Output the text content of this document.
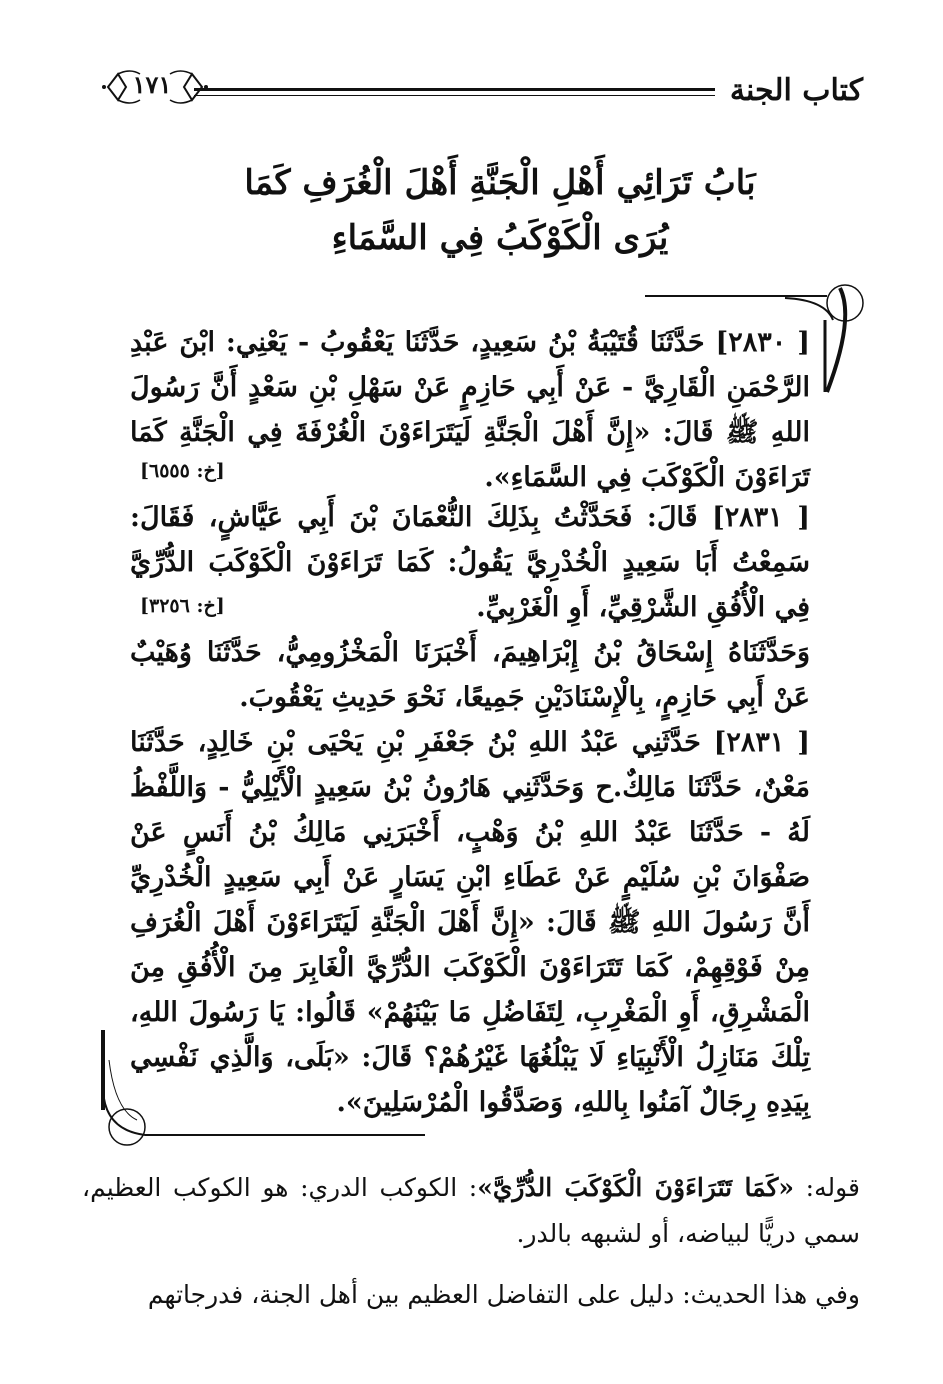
كتاب الجنة
١٧١
بَابُ تَرَائِي أَهْلِ الْجَنَّةِ أَهْلَ الْغُرَفِ كَمَا
يُرَى الْكَوْكَبُ فِي السَّمَاءِ
[ ٢٨٣٠] حَدَّثَنَا قُتَيْبَةُ بْنُ سَعِيدٍ، حَدَّثَنَا يَعْقُوبُ - يَعْنِي: ابْنَ عَبْدِ الرَّحْمَنِ الْقَارِيَّ - عَنْ أَبِي حَازِمٍ عَنْ سَهْلِ بْنِ سَعْدٍ أَنَّ رَسُولَ اللهِ ﷺ قَالَ: «إِنَّ أَهْلَ الْجَنَّةِ لَيَتَرَاءَوْنَ الْغُرْفَةَ فِي الْجَنَّةِ كَمَا تَرَاءَوْنَ الْكَوْكَبَ فِي السَّمَاءِ».
[خ: ٦٥٥٥]
[ ٢٨٣١] قَالَ: فَحَدَّثْتُ بِذَلِكَ النُّعْمَانَ بْنَ أَبِي عَيَّاشٍ، فَقَالَ: سَمِعْتُ أَبَا سَعِيدٍ الْخُدْرِيَّ يَقُولُ: كَمَا تَرَاءَوْنَ الْكَوْكَبَ الدُّرِّيَّ فِي الْأُفُقِ الشَّرْقِيِّ، أَوِ الْغَرْبِيِّ.
[خ: ٣٢٥٦]
وَحَدَّثَنَاهُ إِسْحَاقُ بْنُ إِبْرَاهِيمَ، أَخْبَرَنَا الْمَخْزُومِيُّ، حَدَّثَنَا وُهَيْبٌ عَنْ أَبِي حَازِمٍ، بِالْإِسْنَادَيْنِ جَمِيعًا، نَحْوَ حَدِيثِ يَعْقُوبَ.
[ ٢٨٣١] حَدَّثَنِي عَبْدُ اللهِ بْنُ جَعْفَرِ بْنِ يَحْيَى بْنِ خَالِدٍ، حَدَّثَنَا مَعْنٌ، حَدَّثَنَا مَالِكٌ.ح وَحَدَّثَنِي هَارُونُ بْنُ سَعِيدٍ الْأَيْلِيُّ - وَاللَّفْظُ لَهُ - حَدَّثَنَا عَبْدُ اللهِ بْنُ وَهْبٍ، أَخْبَرَنِي مَالِكُ بْنُ أَنَسٍ عَنْ صَفْوَانَ بْنِ سُلَيْمٍ عَنْ عَطَاءِ ابْنِ يَسَارٍ عَنْ أَبِي سَعِيدٍ الْخُدْرِيِّ أَنَّ رَسُولَ اللهِ ﷺ قَالَ: «إِنَّ أَهْلَ الْجَنَّةِ لَيَتَرَاءَوْنَ أَهْلَ الْغُرَفِ مِنْ فَوْقِهِمْ، كَمَا تَتَرَاءَوْنَ الْكَوْكَبَ الدُّرِّيَّ الْغَابِرَ مِنَ الْأُفُقِ مِنَ الْمَشْرِقِ، أَوِ الْمَغْرِبِ، لِتَفَاضُلِ مَا بَيْنَهُمْ» قَالُوا: يَا رَسُولَ اللهِ، تِلْكَ مَنَازِلُ الْأَنْبِيَاءِ لَا يَبْلُغُهَا غَيْرُهُمْ؟ قَالَ: «بَلَى، وَالَّذِي نَفْسِي بِيَدِهِ رِجَالٌ آمَنُوا بِاللهِ، وَصَدَّقُوا الْمُرْسَلِينَ».
قوله: «كَمَا تَتَرَاءَوْنَ الْكَوْكَبَ الدُّرِّيَّ»: الكوكب الدري: هو الكوكب العظيم، سمي دريًّا لبياضه، أو لشبهه بالدر.
وفي هذا الحديث: دليل على التفاضل العظيم بين أهل الجنة، فدرجاتهم
